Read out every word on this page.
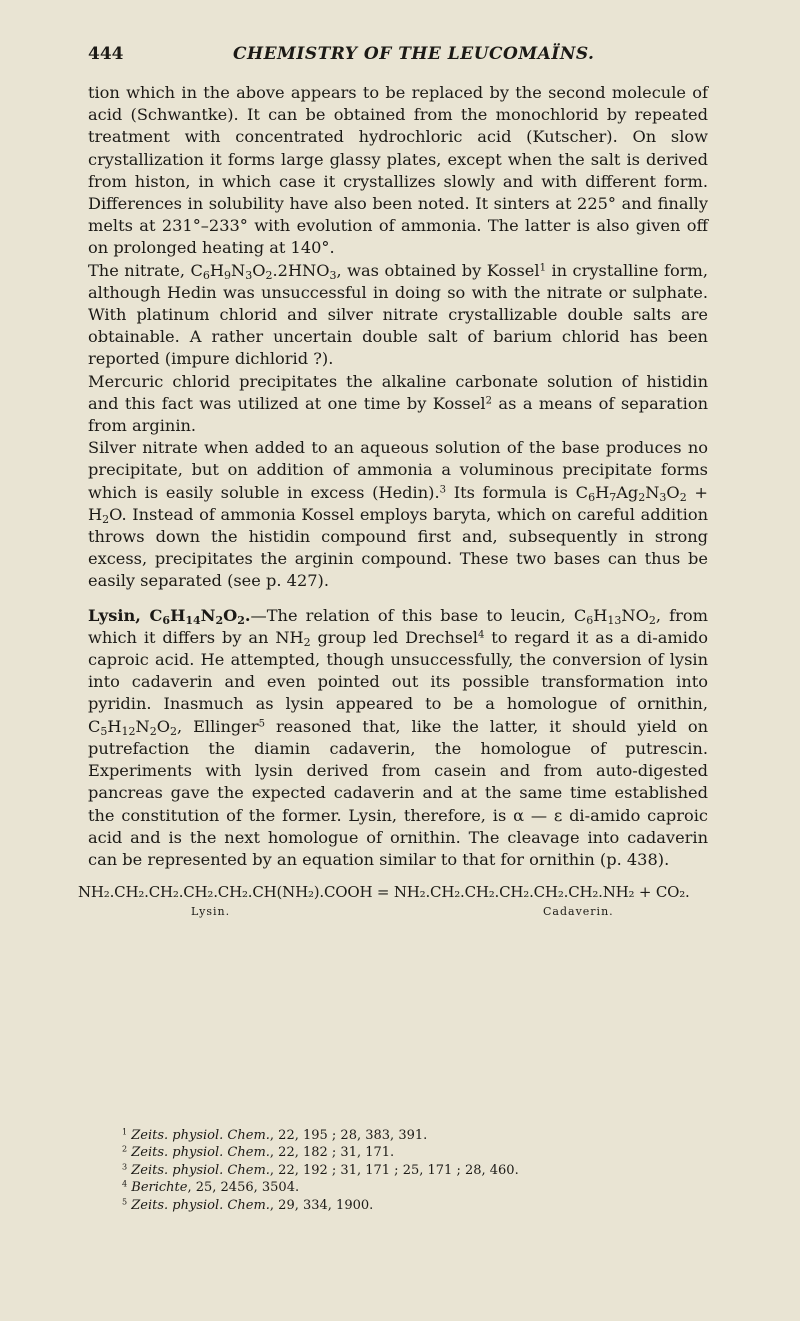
444	CHEMISTRY OF THE LEUCOMAÏNS.

tion which in the above appears to be replaced by the second molecule of acid (Schwantke). It can be obtained from the monochlorid by repeated treatment with concentrated hydrochloric acid (Kutscher). On slow crystallization it forms large glassy plates, except when the salt is derived from histon, in which case it crystallizes slowly and with different form. Differences in solubility have also been noted. It sinters at 225° and finally melts at 231°–233° with evolution of ammonia. The latter is also given off on prolonged heating at 140°.

The nitrate, $C_6H_9N_3O_2.2HNO_3$, was obtained by Kossel$^1$ in crystalline form, although Hedin was unsuccessful in doing so with the nitrate or sulphate. With platinum chlorid and silver nitrate crystallizable double salts are obtainable. A rather uncertain double salt of barium chlorid has been reported (impure dichlorid ?).

Mercuric chlorid precipitates the alkaline carbonate solution of histidin and this fact was utilized at one time by Kossel$^2$ as a means of separation from arginin.

Silver nitrate when added to an aqueous solution of the base produces no precipitate, but on addition of ammonia a voluminous precipitate forms which is easily soluble in excess (Hedin).$^3$ Its formula is $C_6H_7Ag_2N_3O_2 + H_2O$. Instead of ammonia Kossel employs baryta, which on careful addition throws down the histidin compound first and, subsequently in strong excess, precipitates the arginin compound. These two bases can thus be easily separated (see p. 427).

Lysin, $C_6H_{14}N_2O_2.—The$ relation of this base to leucin, $C_6H_{13}NO_2$, from which it differs by an $NH_2$ group led Drechsel$^4$ to regard it as a di-amido caproic acid. He attempted, though unsuccessfully, the conversion of lysin into cadaverin and even pointed out its possible transformation into pyridin. Inasmuch as lysin appeared to be a homologue of ornithin, $C_5H_{12}N_2O_2$, Ellinger$^5$ reasoned that, like the latter, it should yield on putrefaction the diamin cadaverin, the homologue of putrescin. Experiments with lysin derived from casein and from auto-digested pancreas gave the expected cadaverin and at the same time established the constitution of the former. Lysin, therefore, is α — ε di-amido caproic acid and is the next homologue of ornithin. The cleavage into cadaverin can be represented by an equation similar to that for ornithin (p. 438).

NH₂.CH₂.CH₂.CH₂.CH₂.CH(NH₂).COOH = NH₂.CH₂.CH₂.CH₂.CH₂.CH₂.NH₂ + CO₂.
Lysin.	Cadaverin.
$^1$ Zeits. physiol. Chem., 22, 195 ; 28, 383, 391.
$^2$ Zeits. physiol. Chem., 22, 182 ; 31, 171.
$^3$ Zeits. physiol. Chem., 22, 192 ; 31, 171 ; 25, 171 ; 28, 460.
$^4$ Berichte, 25, 2456, 3504.
$^5$ Zeits. physiol. Chem., 29, 334, 1900.
